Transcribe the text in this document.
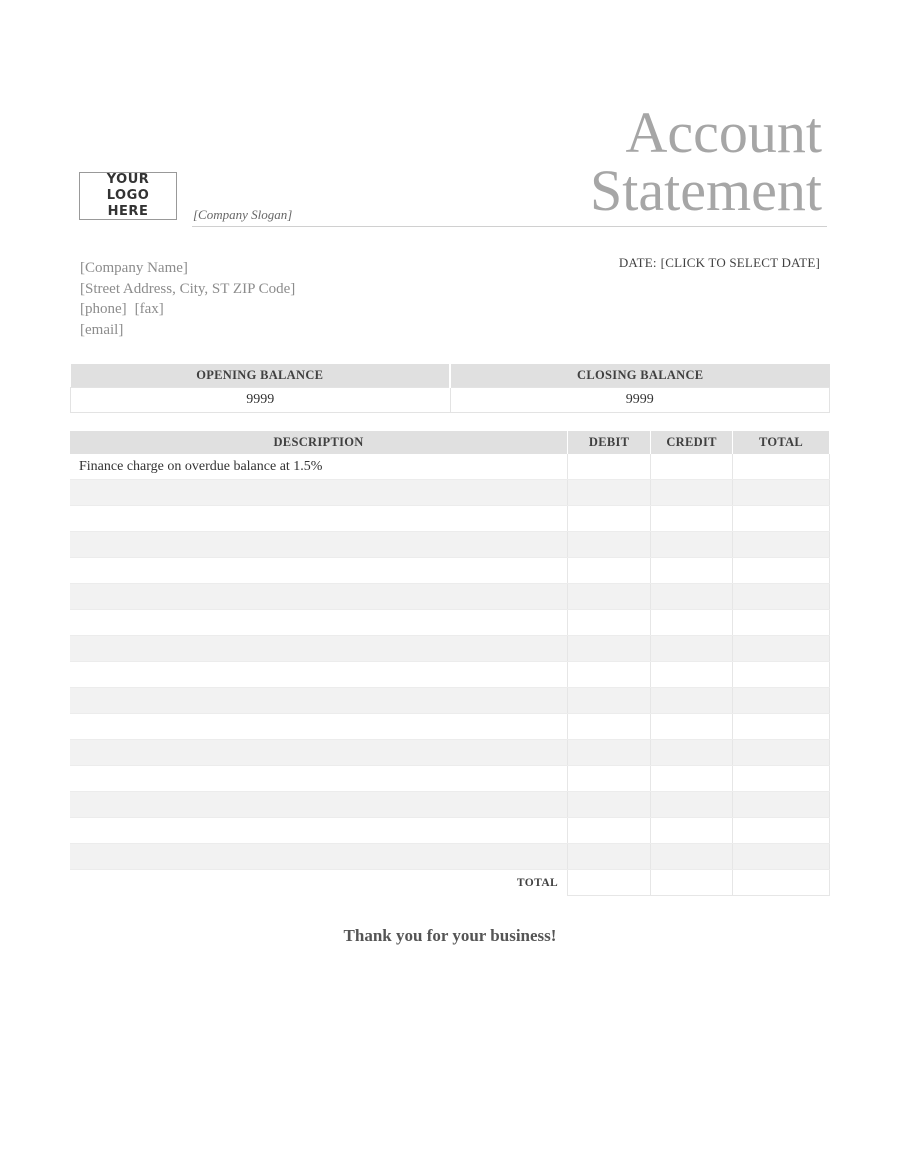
Account
Statement
YOUR LOGO HERE	[Company Slogan]
[Company Name]
[Street Address, City, ST ZIP Code]
[phone] [fax]
[email]
DATE: [CLICK TO SELECT DATE]
OPENING BALANCE	CLOSING BALANCE
9999	9999
DESCRIPTION	DEBIT	CREDIT	TOTAL
Finance charge on overdue balance at 1.5%			

TOTAL			
Thank you for your business!
